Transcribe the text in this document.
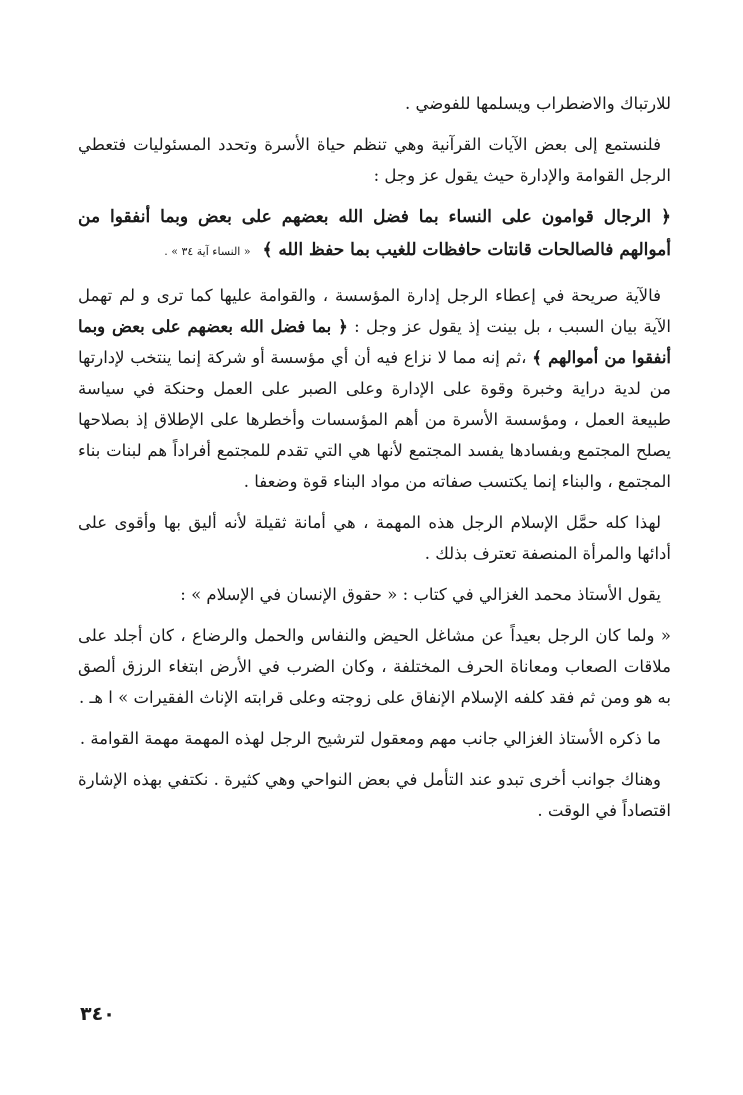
للارتباك والاضطراب ويسلمها للفوضي .

فلنستمع إلى بعض الآيات القرآنية وهي تنظم حياة الأسرة وتحدد المسئوليات فتعطي الرجل القوامة والإدارة حيث يقول عز وجل :

﴿ الرجال قوامون على النساء بما فضل الله بعضهم على بعض وبما أنفقوا من أموالهم فالصالحات قانتات حافظات للغيب بما حفظ الله ﴾ « النساء آية ٣٤ » .

فالآية صريحة في إعطاء الرجل إدارة المؤسسة ، والقوامة عليها كما ترى و لم تهمل الآية بيان السبب ، بل بينت إذ يقول عز وجل : ﴿ بما فضل الله بعضهم على بعض وبما أنفقوا من أموالهم ﴾ ،ثم إنه مما لا نزاع فيه أن أي مؤسسة أو شركة إنما ينتخب لإدارتها من لدية دراية وخبرة وقوة على الإدارة وعلى الصبر على العمل وحنكة في سياسة طبيعة العمل ، ومؤسسة الأسرة من أهم المؤسسات وأخطرها على الإطلاق إذ بصلاحها يصلح المجتمع وبفسادها يفسد المجتمع لأنها هي التي تقدم للمجتمع أفراداً هم لبنات بناء المجتمع ، والبناء إنما يكتسب صفاته من مواد البناء قوة وضعفا .

لهذا كله حمَّل الإسلام الرجل هذه المهمة ، هي أمانة ثقيلة لأنه أليق بها وأقوى على أدائها والمرأة المنصفة تعترف بذلك .

يقول الأستاذ محمد الغزالي في كتاب : « حقوق الإنسان في الإسلام » :

« ولما كان الرجل بعيداً عن مشاغل الحيض والنفاس والحمل والرضاع ، كان أجلد على ملاقات الصعاب ومعاناة الحرف المختلفة ، وكان الضرب في الأرض ابتغاء الرزق ألصق به هو ومن ثم فقد كلفه الإسلام الإنفاق على زوجته وعلى قرابته الإناث الفقيرات » ا هـ .

ما ذكره الأستاذ الغزالي جانب مهم ومعقول لترشيح الرجل لهذه المهمة مهمة القوامة .

وهناك جوانب أخرى تبدو عند التأمل في بعض النواحي وهي كثيرة . نكتفي بهذه الإشارة اقتصاداً في الوقت .

٣٤٠
